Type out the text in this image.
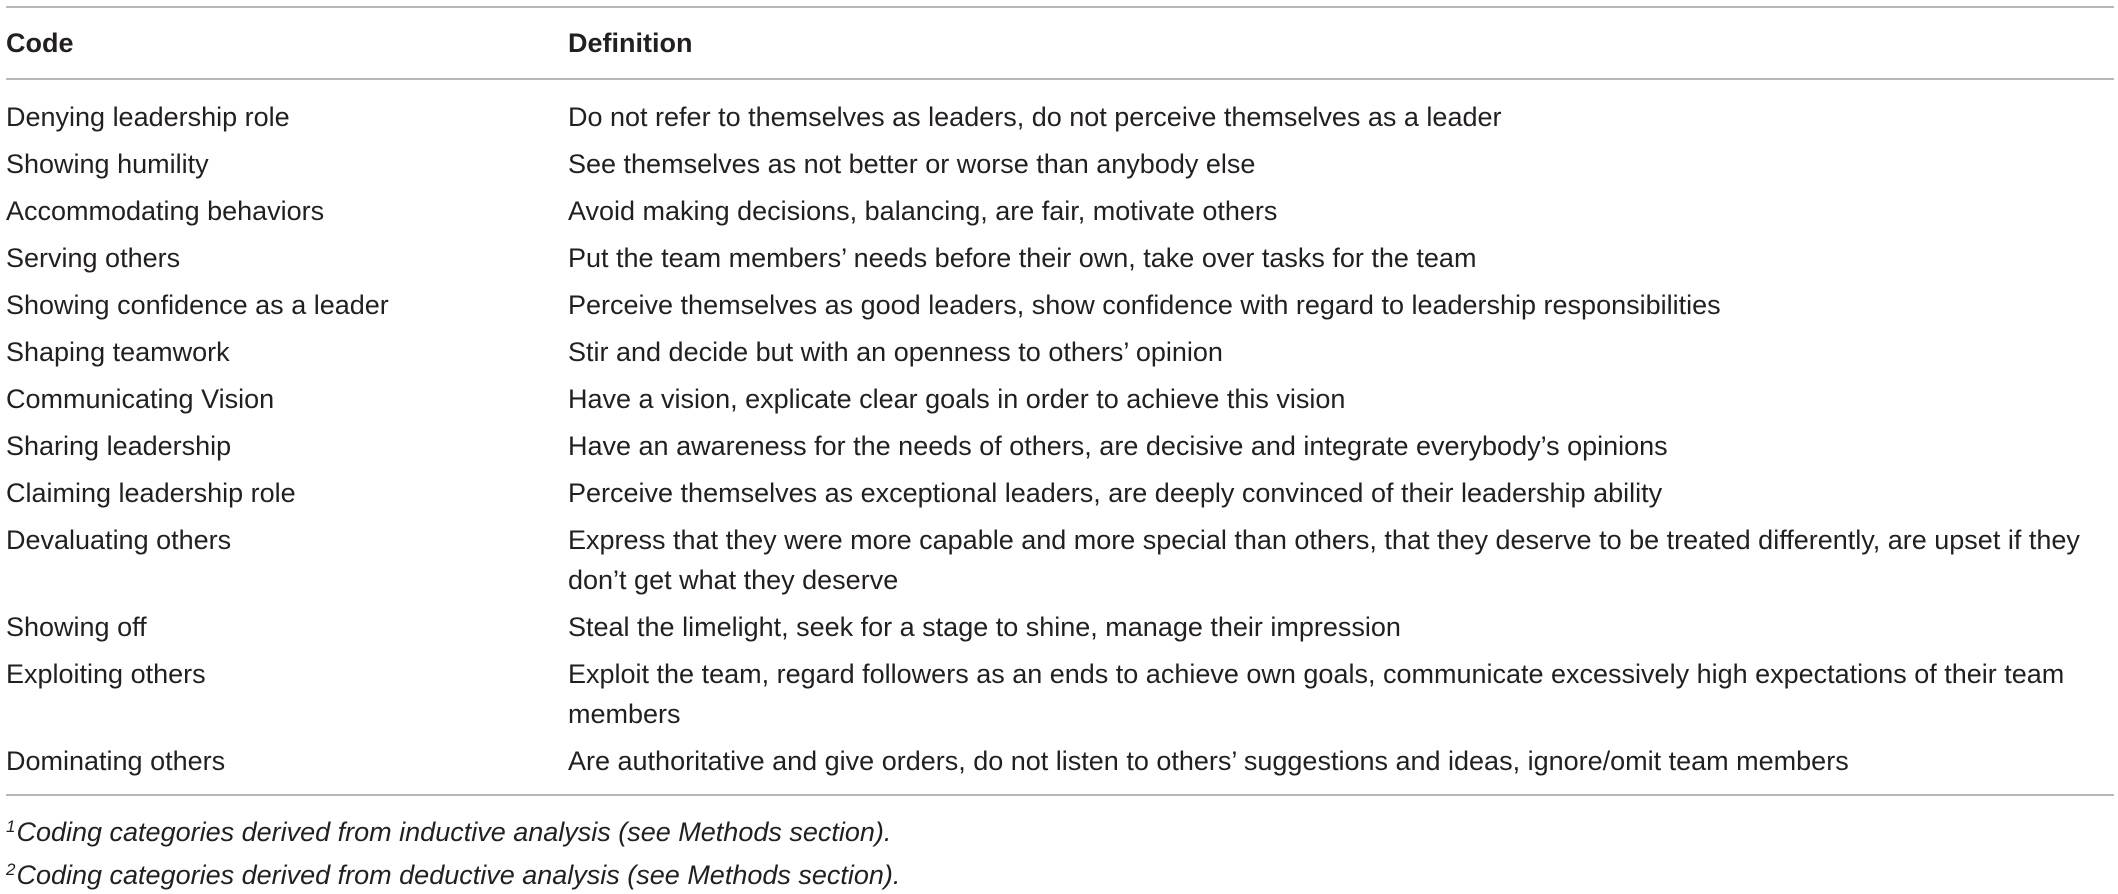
Code	Definition
Denying leadership role	Do not refer to themselves as leaders, do not perceive themselves as a leader
Showing humility	See themselves as not better or worse than anybody else
Accommodating behaviors	Avoid making decisions, balancing, are fair, motivate others
Serving others	Put the team members’ needs before their own, take over tasks for the team
Showing confidence as a leader	Perceive themselves as good leaders, show confidence with regard to leadership responsibilities
Shaping teamwork	Stir and decide but with an openness to others’ opinion
Communicating Vision	Have a vision, explicate clear goals in order to achieve this vision
Sharing leadership	Have an awareness for the needs of others, are decisive and integrate everybody’s opinions
Claiming leadership role	Perceive themselves as exceptional leaders, are deeply convinced of their leadership ability
Devaluating others	Express that they were more capable and more special than others, that they deserve to be treated differently, are upset if they don’t get what they deserve
Showing off	Steal the limelight, seek for a stage to shine, manage their impression
Exploiting others	Exploit the team, regard followers as an ends to achieve own goals, communicate excessively high expectations of their team members
Dominating others	Are authoritative and give orders, do not listen to others’ suggestions and ideas, ignore/omit team members
$^1$Coding categories derived from inductive analysis (see Methods section).
$^2$Coding categories derived from deductive analysis (see Methods section).
